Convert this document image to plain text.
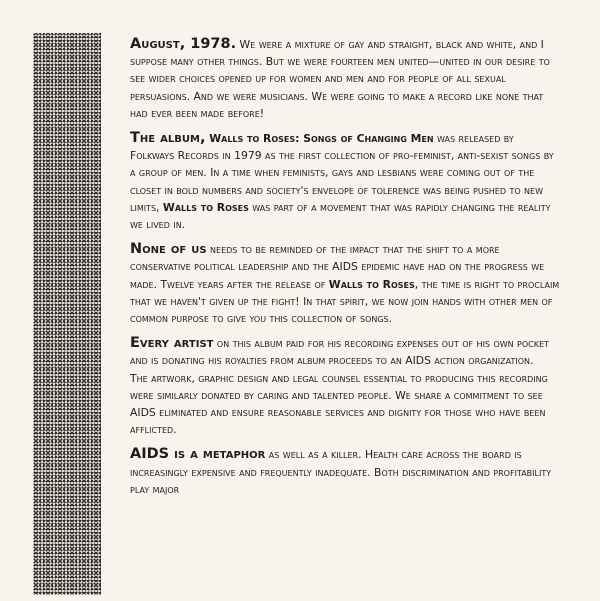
August, 1978. We were a mixture of gay and straight, black and white, and I suppose many other things. But we were fourteen men united—united in our desire to see wider choices opened up for women and men and for people of all sexual persuasions. And we were musicians. We were going to make a record like none that had ever been made before!

The album, Walls to Roses: Songs of Changing Men was released by Folkways Records in 1979 as the first collection of pro-feminist, anti-sexist songs by a group of men. In a time when feminists, gays and lesbians were coming out of the closet in bold numbers and society's envelope of tolerence was being pushed to new limits, Walls to Roses was part of a movement that was rapidly changing the reality we lived in.

None of us needs to be reminded of the impact that the shift to a more conservative political leadership and the AIDS epidemic have had on the progress we made. Twelve years after the release of Walls to Roses, the time is right to proclaim that we haven't given up the fight! In that spirit, we now join hands with other men of common purpose to give you this collection of songs.

Every artist on this album paid for his recording expenses out of his own pocket and is donating his royalties from album proceeds to an AIDS action organization.
The artwork, graphic design and legal counsel essential to producing this recording were similarly donated by caring and talented people. We share a commitment to see AIDS eliminated and ensure reasonable services and dignity for those who have been afflicted.

AIDS is a metaphor as well as a killer. Health care across the board is increasingly expensive and frequently inadequate. Both discrimination and profitability play major
